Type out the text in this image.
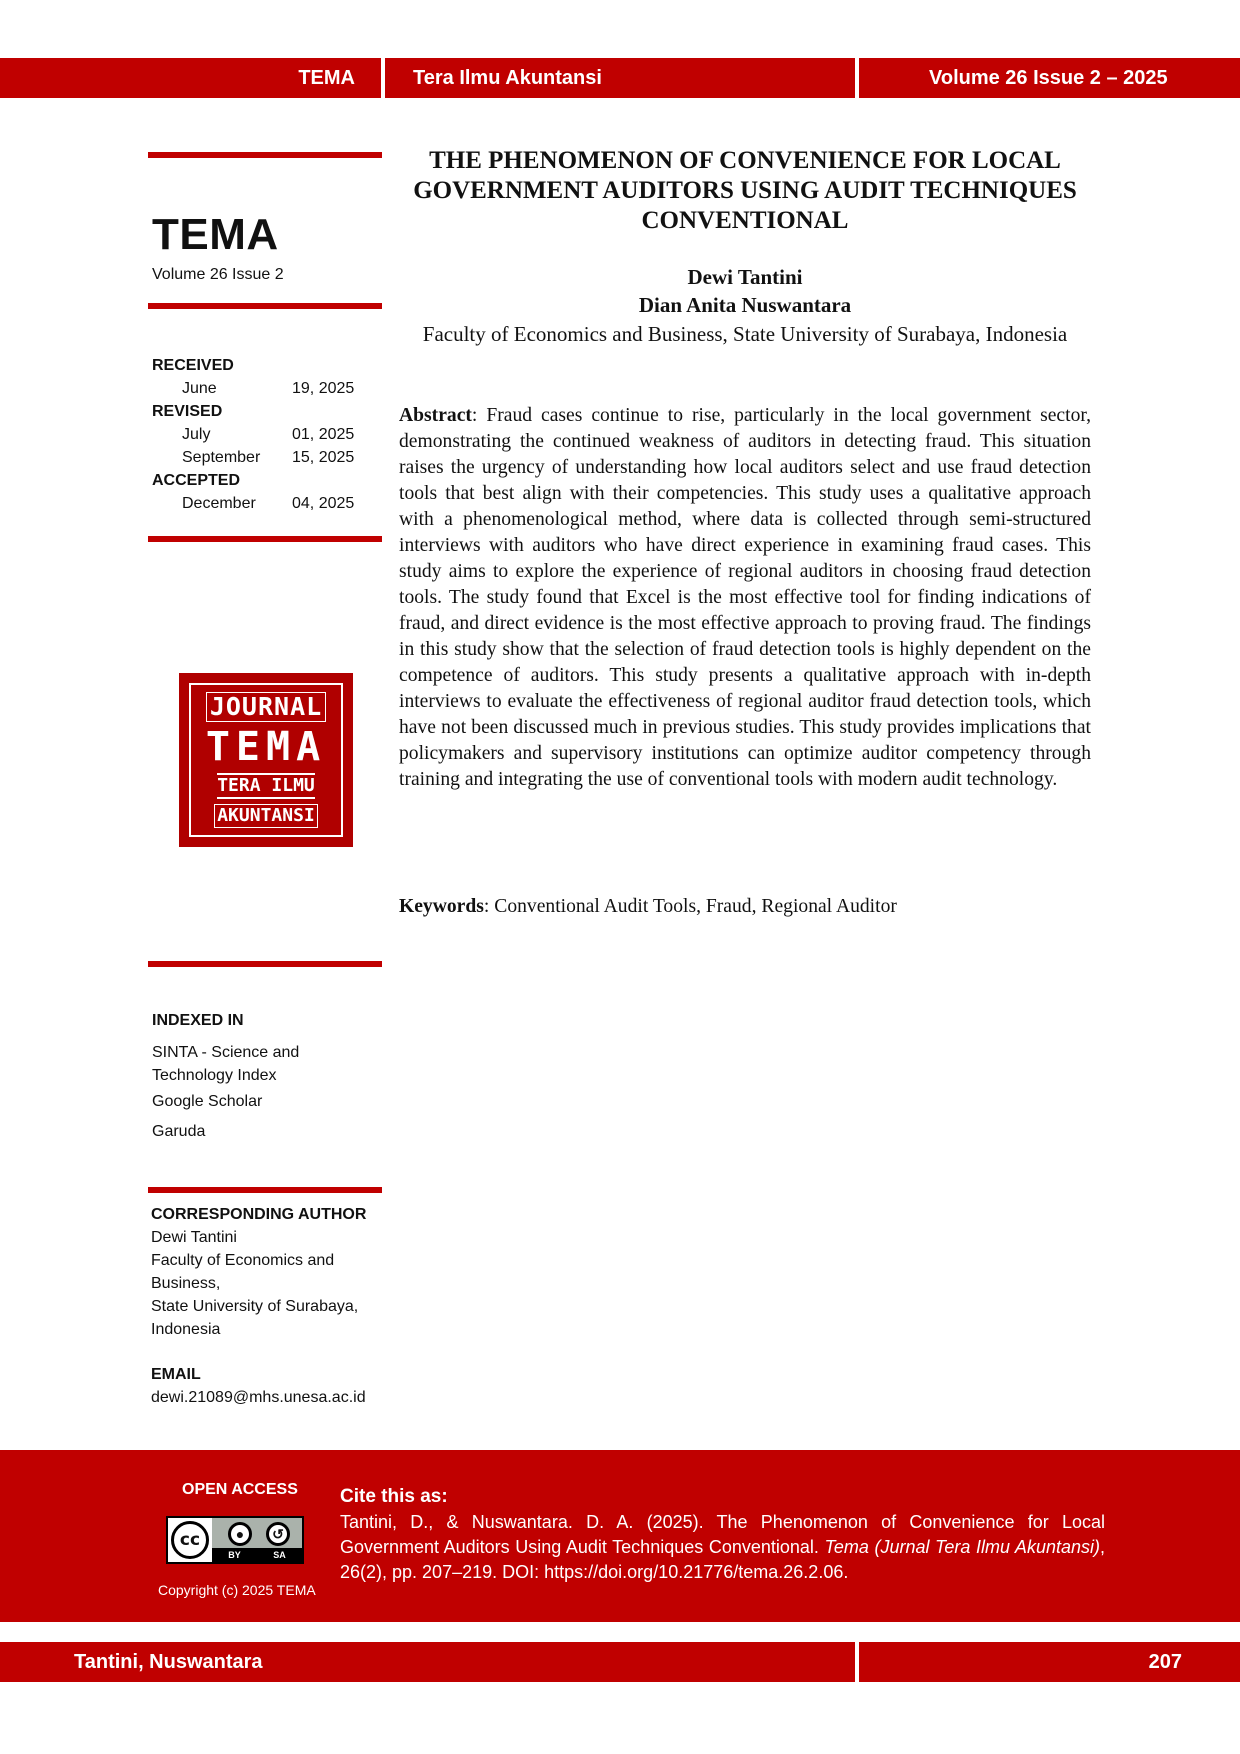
TEMA	Tera Ilmu Akuntansi	Volume 26 Issue 2 – 2025
TEMA
Volume 26 Issue 2
RECEIVED
June	19, 2025
REVISED
July	01, 2025
September 15, 2025
ACCEPTED
December 04, 2025
JOURNAL
TEMA
TERA ILMU
AKUNTANSI
INDEXED IN
SINTA - Science and Technology Index
Google Scholar
Garuda
CORRESPONDING AUTHOR
Dewi Tantini
Faculty of Economics and
Business,
State University of Surabaya,
Indonesia
EMAIL
dewi.21089@mhs.unesa.ac.id
THE PHENOMENON OF CONVENIENCE FOR LOCAL GOVERNMENT AUDITORS USING AUDIT TECHNIQUES CONVENTIONAL
Dewi Tantini
Dian Anita Nuswantara
Faculty of Economics and Business, State University of Surabaya, Indonesia
Abstract: Fraud cases continue to rise, particularly in the local government sector, demonstrating the continued weakness of auditors in detecting fraud. This situation raises the urgency of understanding how local auditors select and use fraud detection tools that best align with their competencies. This study uses a qualitative approach with a phenomenological method, where data is collected through semi-structured interviews with auditors who have direct experience in examining fraud cases. This study aims to explore the experience of regional auditors in choosing fraud detection tools. The study found that Excel is the most effective tool for finding indications of fraud, and direct evidence is the most effective approach to proving fraud. The findings in this study show that the selection of fraud detection tools is highly dependent on the competence of auditors. This study presents a qualitative approach with in-depth interviews to evaluate the effectiveness of regional auditor fraud detection tools, which have not been discussed much in previous studies. This study provides implications that policymakers and supervisory institutions can optimize auditor competency through training and integrating the use of conventional tools with modern audit technology.
Keywords: Conventional Audit Tools, Fraud, Regional Auditor
OPEN ACCESS
cc	●	↺
BY	SA
Copyright (c) 2025 TEMA
Cite this as:
Tantini, D., & Nuswantara. D. A. (2025). The Phenomenon of Convenience for Local Government Auditors Using Audit Techniques Conventional. Tema (Jurnal Tera Ilmu Akuntansi), 26(2), pp. 207–219. DOI: https://doi.org/10.21776/tema.26.2.06.
Tantini, Nuswantara	207
